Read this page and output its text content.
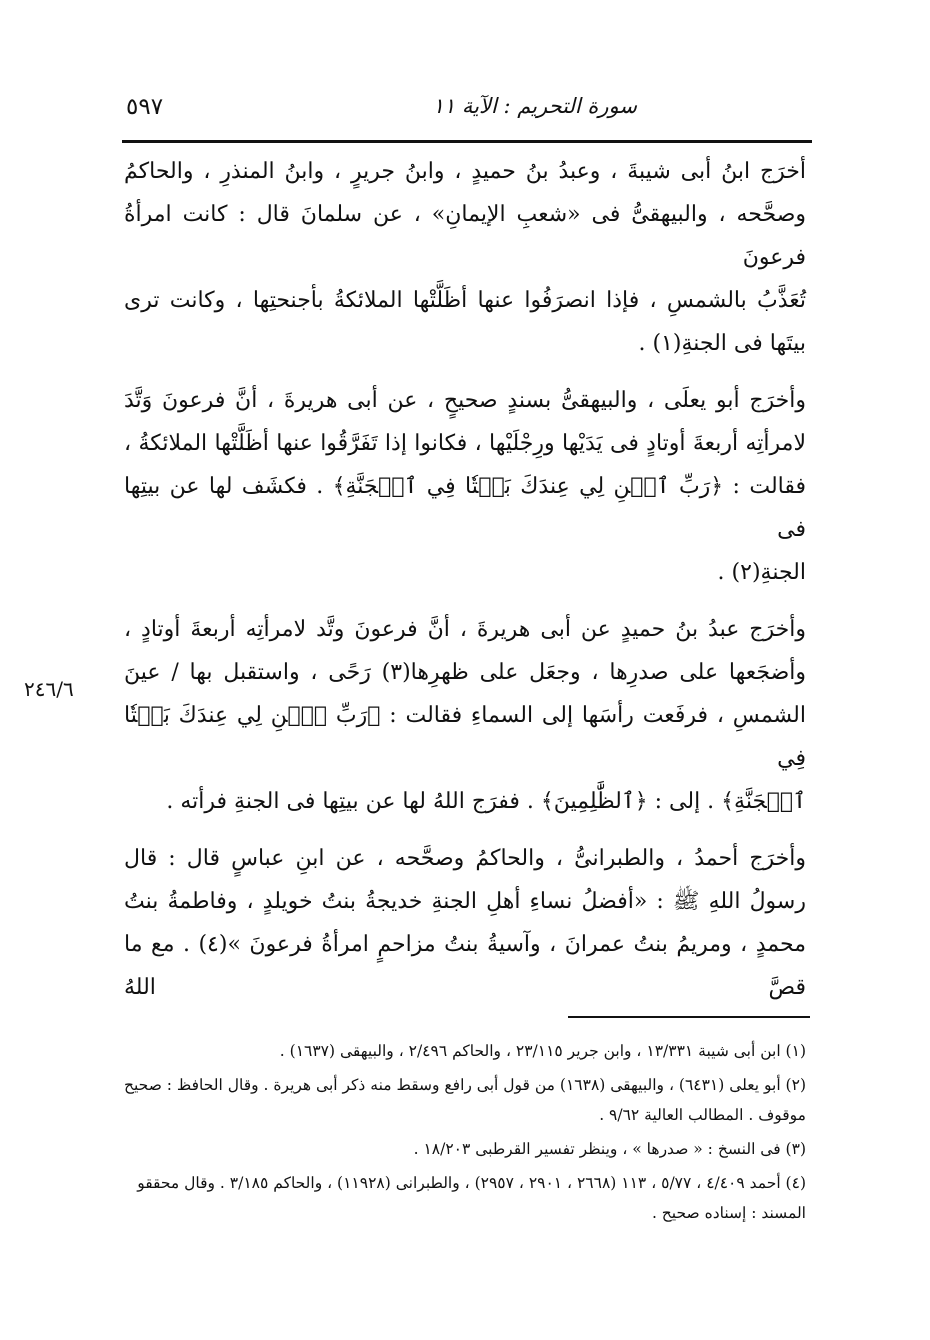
سورة التحريم : الآية ١١
٥٩٧
٢٤٦/٦
أخرَج ابنُ أبى شيبةَ ، وعبدُ بنُ حميدٍ ، وابنُ جريرٍ ، وابنُ المنذرِ ، والحاكمُ
وصحَّحه ، والبيهقىُّ فى «شعبِ الإيمانِ» ، عن سلمانَ قال : كانت امرأةُ فرعونَ
تُعَذَّبُ بالشمسِ ، فإذا انصرَفُوا عنها أظَلَّتْها الملائكةُ بأجنحتِها ، وكانت ترى
بيتَها فى الجنةِ(١) .
وأخرَج أبو يعلَى ، والبيهقىُّ بسندٍ صحيحٍ ، عن أبى هريرةَ ، أنَّ فرعونَ وَتَّدَ
لامرأتِه أربعةَ أوتادٍ فى يَدَيْها ورِجْلَيْها ، فكانوا إذا تَفَرَّقُوا عنها أظَلَّتْها الملائكةُ ،
فقالت : ﴿رَبِّ ٱبۡنِ لِي عِندَكَ بَيۡتٗا فِي ٱلۡجَنَّةِ﴾ . فكشَف لها عن بيتِها فى
الجنةِ(٢) .
وأخرَج عبدُ بنُ حميدٍ عن أبى هريرةَ ، أنَّ فرعونَ وتَّد لامرأتِه أربعةَ أوتادٍ ،
وأضجَعها على صدرِها ، وجعَل على ظهرِها(٣) رَحًى ، واستقبل بها / عينَ
الشمسِ ، فرفَعت رأسَها إلى السماءِ فقالت : ﴿رَبِّ ٱبۡنِ لِي عِندَكَ بَيۡتٗا فِي
ٱلۡجَنَّةِ﴾ . إلى : ﴿ٱلظَّٰلِمِينَ﴾ . ففرَج اللهُ لها عن بيتِها فى الجنةِ فرأته .
وأخرَج أحمدُ ، والطبرانىُّ ، والحاكمُ وصحَّحه ، عن ابنِ عباسٍ قال : قال
رسولُ اللهِ ﷺ : «أفضلُ نساءِ أهلِ الجنةِ خديجةُ بنتُ خويلدٍ ، وفاطمةُ بنتُ
محمدٍ ، ومريمُ بنتُ عمرانَ ، وآسيةُ بنتُ مزاحمٍ امرأةُ فرعونَ »(٤) . مع ما قصَّ اللهُ
(١) ابن أبى شيبة ١٣/٣٣١ ، وابن جرير ٢٣/١١٥ ، والحاكم ٢/٤٩٦ ، والبيهقى (١٦٣٧) .
(٢) أبو يعلى (٦٤٣١) ، والبيهقى (١٦٣٨) من قول أبى رافع وسقط منه ذكر أبى هريرة . وقال الحافظ : صحيح موقوف . المطالب العالية ٩/٦٢ .
(٣) فى النسخ : « صدرها » ، وينظر تفسير القرطبى ١٨/٢٠٣ .
(٤) أحمد ٤/٤٠٩ ، ٥/٧٧ ، ١١٣ (٢٦٦٨ ، ٢٩٠١ ، ٢٩٥٧) ، والطبرانى (١١٩٢٨) ، والحاكم ٣/١٨٥ . وقال محققو المسند : إسناده صحيح .
